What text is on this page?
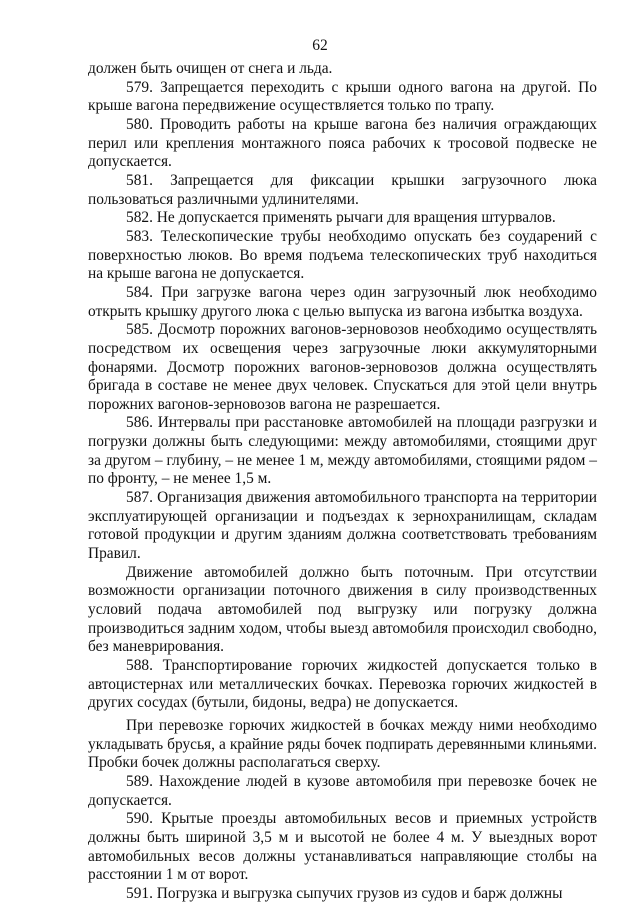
62

должен быть очищен от снега и льда.

579. Запрещается переходить с крыши одного вагона на другой. По крыше вагона передвижение осуществляется только по трапу.

580. Проводить работы на крыше вагона без наличия ограждающих перил или крепления монтажного пояса рабочих к тросовой подвеске не допускается.

581. Запрещается для фиксации крышки загрузочного люка пользоваться различными удлинителями.

582. Не допускается применять рычаги для вращения штурвалов.

583. Телескопические трубы необходимо опускать без соударений с поверхностью люков. Во время подъема телескопических труб находиться на крыше вагона не допускается.

584. При загрузке вагона через один загрузочный люк необходимо открыть крышку другого люка с целью выпуска из вагона избытка воздуха.

585. Досмотр порожних вагонов-зерновозов необходимо осуществлять посредством их освещения через загрузочные люки аккумуляторными фонарями. Досмотр порожних вагонов-зерновозов должна осуществлять бригада в составе не менее двух человек. Спускаться для этой цели внутрь порожних вагонов-зерновозов вагона не разрешается.

586. Интервалы при расстановке автомобилей на площади разгрузки и погрузки должны быть следующими: между автомобилями, стоящими друг за другом – глубину, – не менее 1 м, между автомобилями, стоящими рядом – по фронту, – не менее 1,5 м.

587. Организация движения автомобильного транспорта на территории эксплуатирующей организации и подъездах к зернохранилищам, складам готовой продукции и другим зданиям должна соответствовать требованиям Правил.

Движение автомобилей должно быть поточным. При отсутствии возможности организации поточного движения в силу производственных условий подача автомобилей под выгрузку или погрузку должна производиться задним ходом, чтобы выезд автомобиля происходил свободно, без маневрирования.

588. Транспортирование горючих жидкостей допускается только в автоцистернах или металлических бочках. Перевозка горючих жидкостей в других сосудах (бутыли, бидоны, ведра) не допускается.

При перевозке горючих жидкостей в бочках между ними необходимо укладывать брусья, а крайние ряды бочек подпирать деревянными клиньями. Пробки бочек должны располагаться сверху.

589. Нахождение людей в кузове автомобиля при перевозке бочек не допускается.

590. Крытые проезды автомобильных весов и приемных устройств должны быть шириной 3,5 м и высотой не более 4 м. У выездных ворот автомобильных весов должны устанавливаться направляющие столбы на расстоянии 1 м от ворот.

591. Погрузка и выгрузка сыпучих грузов из судов и барж должны
